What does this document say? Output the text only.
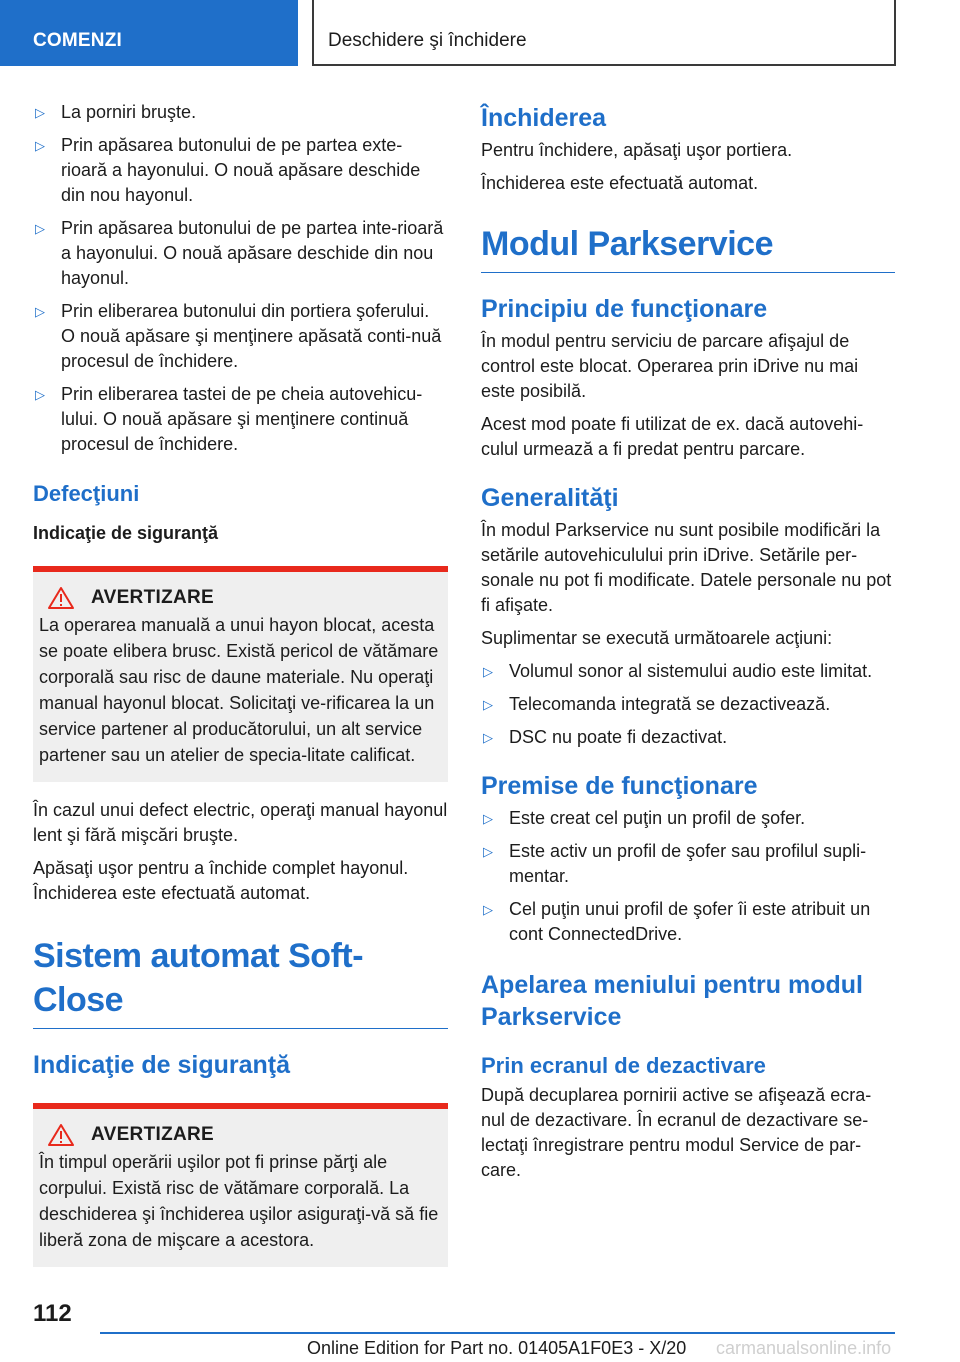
COMENZI	Deschidere şi închidere
▷ La porniri bruşte.
▷ Prin apăsarea butonului de pe partea exte‐rioară a hayonului. O nouă apăsare deschide din nou hayonul.
▷ Prin apăsarea butonului de pe partea inte‐rioară a hayonului. O nouă apăsare deschide din nou hayonul.
▷ Prin eliberarea butonului din portiera şoferului. O nouă apăsare şi menţinere apăsată conti‐nuă procesul de închidere.
▷ Prin eliberarea tastei de pe cheia autovehicu‐lului. O nouă apăsare şi menţinere continuă procesul de închidere.
Defecţiuni
Indicaţie de siguranţă
AVERTIZARE

La operarea manuală a unui hayon blocat, acesta se poate elibera brusc. Există pericol de vătămare corporală sau risc de daune materiale. Nu operaţi manual hayonul blocat. Solicitaţi ve‐rificarea la un service partener al producătorului, un alt service partener sau un atelier de specia‐litate calificat.

În cazul unui defect electric, operaţi manual hayonul lent şi fără mişcări bruşte.

Apăsaţi uşor pentru a închide complet hayonul. Închiderea este efectuată automat.

Sistem automat Soft-Close
Indicaţie de siguranţă
AVERTIZARE

În timpul operării uşilor pot fi prinse părţi ale corpului. Există risc de vătămare corporală. La deschiderea şi închiderea uşilor asiguraţi-vă să fie liberă zona de mişcare a acestora.

Închiderea

Pentru închidere, apăsaţi uşor portiera.

Închiderea este efectuată automat.

Modul Parkservice
Principiu de funcţionare

În modul pentru serviciu de parcare afişajul de control este blocat. Operarea prin iDrive nu mai este posibilă.

Acest mod poate fi utilizat de ex. dacă autovehi‐culul urmează a fi predat pentru parcare.

Generalităţi

În modul Parkservice nu sunt posibile modificări la setările autovehiculului prin iDrive. Setările per‐sonale nu pot fi modificate. Datele personale nu pot fi afişate.

Suplimentar se execută următoarele acţiuni:

▷ Volumul sonor al sistemului audio este limitat.
▷ Telecomanda integrată se dezactivează.
▷ DSC nu poate fi dezactivat.
Premise de funcţionare
▷ Este creat cel puţin un profil de şofer.
▷ Este activ un profil de şofer sau profilul supli‐mentar.
▷ Cel puţin unui profil de şofer îi este atribuit un cont ConnectedDrive.
Apelarea meniului pentru modul Parkservice
Prin ecranul de dezactivare

După decuplarea pornirii active se afişează ecra‐nul de dezactivare. În ecranul de dezactivare se‐lectaţi înregistrare pentru modul Service de par‐care.

112
Online Edition for Part no. 01405A1F0E3 - X/20 carmanualsonline.info
